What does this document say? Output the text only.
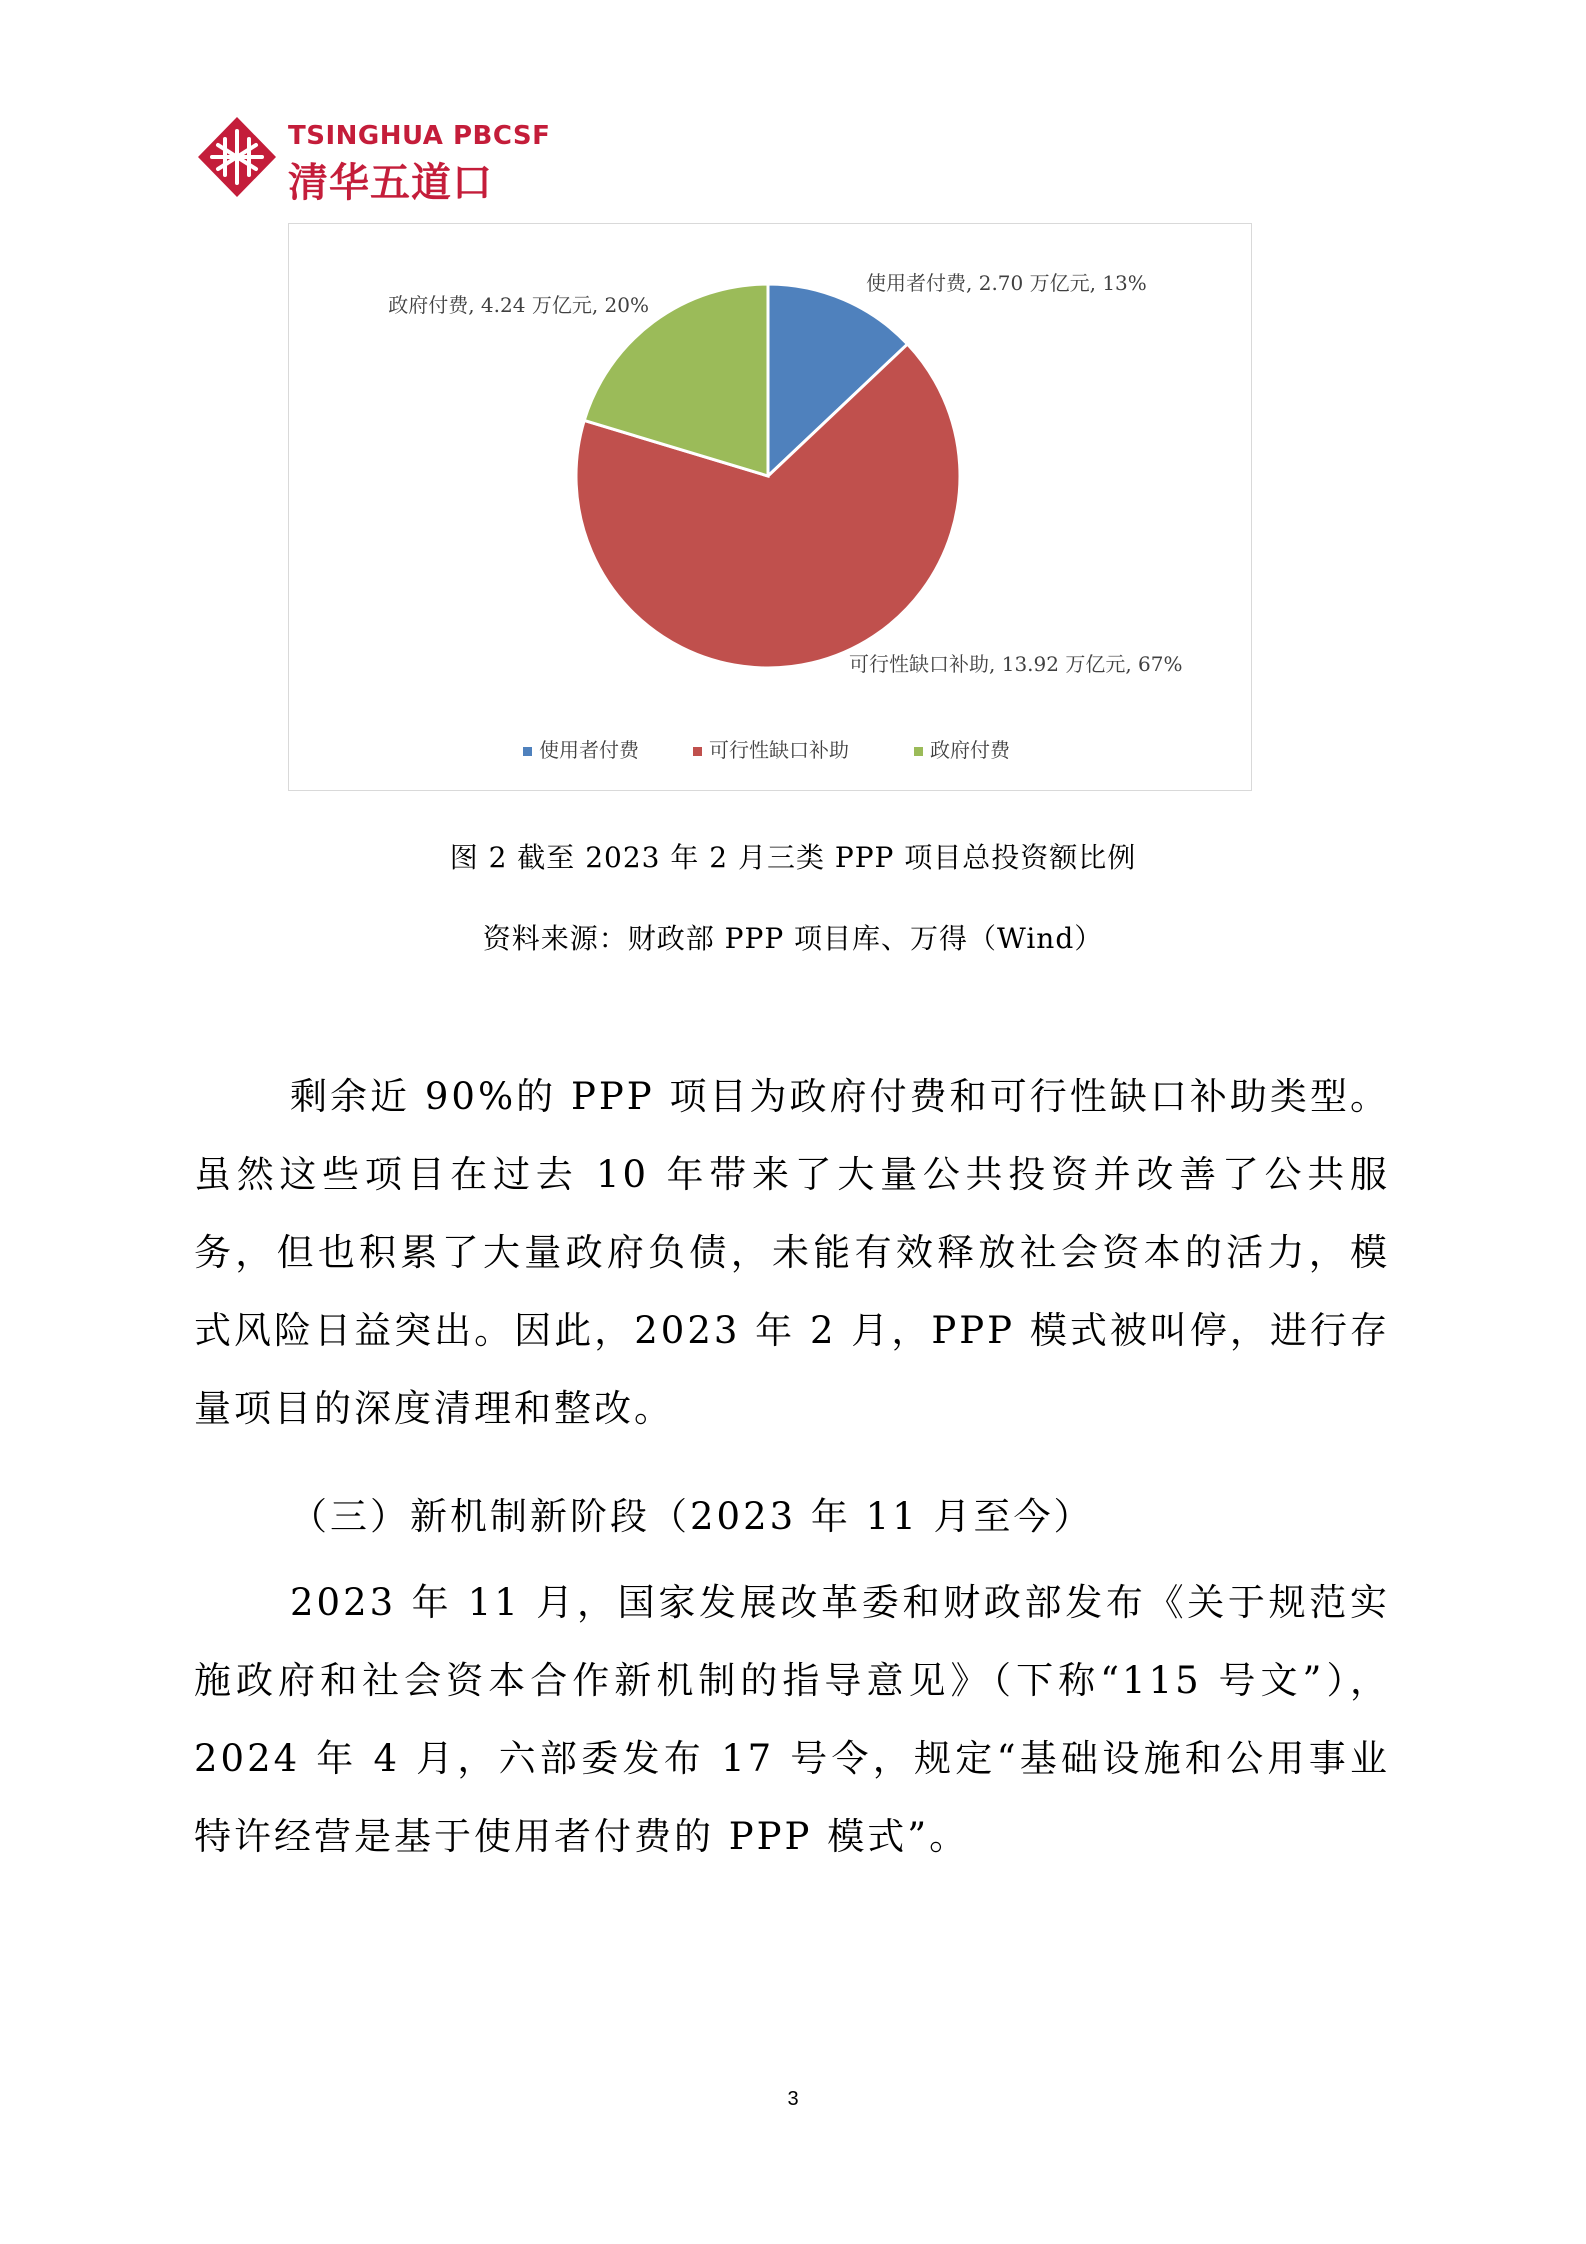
TSINGHUA PBCSF
清华五道口
使用者付费, 2.70 万亿元, 13%
可行性缺口补助, 13.92 万亿元, 67%
政府付费, 4.24 万亿元, 20%
使用者付费	可行性缺口补助	政府付费
图 2 截至 2023 年 2 月三类 PPP 项目总投资额比例
资料来源：财政部 PPP 项目库、万得（Wind）
剩余近 90%的 PPP 项目为政府付费和可行性缺口补助类型。虽然这些项目在过去 10 年带来了大量公共投资并改善了公共服务，但也积累了大量政府负债，未能有效释放社会资本的活力，模式风险日益突出。因此，2023 年 2 月，PPP 模式被叫停，进行存量项目的深度清理和整改。
（三）新机制新阶段（2023 年 11 月至今）
2023 年 11 月，国家发展改革委和财政部发布《关于规范实施政府和社会资本合作新机制的指导意见》（下称“115 号文”），2024 年 4 月，六部委发布 17 号令，规定“基础设施和公用事业特许经营是基于使用者付费的 PPP 模式”。
3
